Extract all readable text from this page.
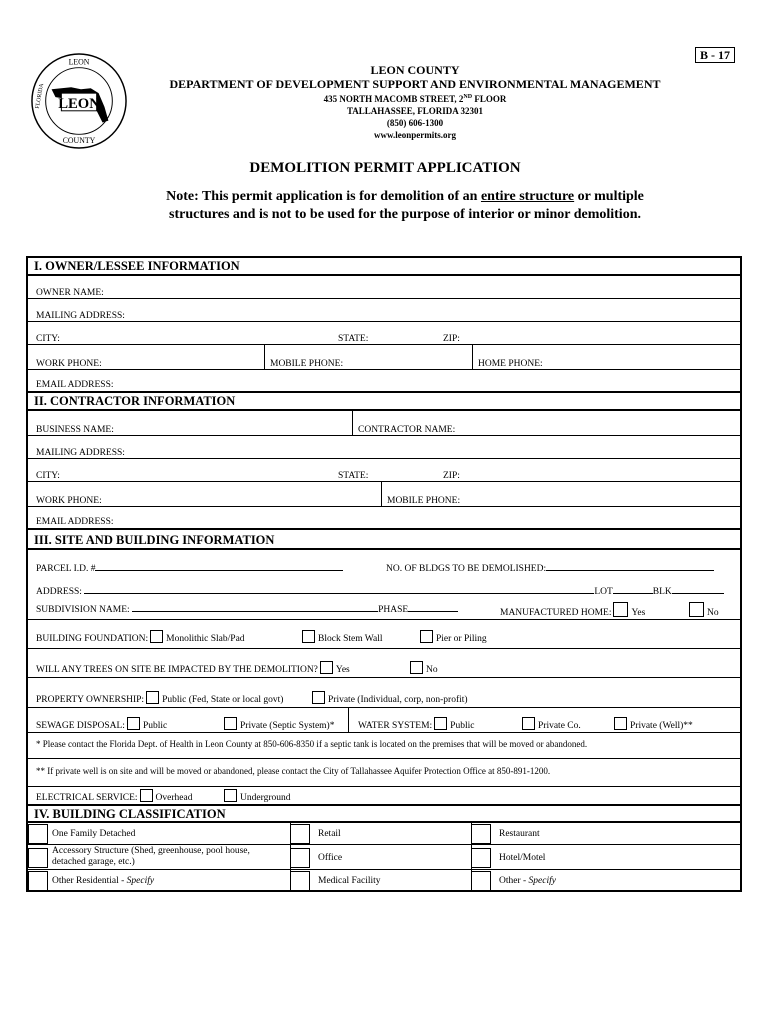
B - 17
LEON
LEON
COUNTY
FLORIDA
LEON COUNTY
DEPARTMENT OF DEVELOPMENT SUPPORT AND ENVIRONMENTAL MANAGEMENT
435 NORTH MACOMB STREET, 2ND FLOOR
TALLAHASSEE, FLORIDA 32301
(850) 606-1300
www.leonpermits.org
DEMOLITION PERMIT APPLICATION
Note: This permit application is for demolition of an entire structure or multiple structures and is not to be used for the purpose of interior or minor demolition.
I. OWNER/LESSEE INFORMATION
OWNER NAME:
MAILING ADDRESS:
CITY:	STATE:	ZIP:
WORK PHONE:	MOBILE PHONE:	HOME PHONE:
EMAIL ADDRESS:
II. CONTRACTOR INFORMATION
BUSINESS NAME:	CONTRACTOR NAME:
MAILING ADDRESS:
CITY:	STATE:	ZIP:
WORK PHONE:	MOBILE PHONE:
EMAIL ADDRESS:
III. SITE AND BUILDING INFORMATION
PARCEL I.D. #	NO. OF BLDGS TO BE DEMOLISHED:
ADDRESS:	LOT	BLK
SUBDIVISION NAME:	PHASE	MANUFACTURED HOME: Yes	No
BUILDING FOUNDATION: Monolithic Slab/Pad	Block Stem Wall	Pier or Piling
WILL ANY TREES ON SITE BE IMPACTED BY THE DEMOLITION? Yes	No
PROPERTY OWNERSHIP: Public (Fed, State or local govt)	Private (Individual, corp, non-profit)
SEWAGE DISPOSAL: Public	Private (Septic System)* WATER SYSTEM: Public	Private Co.	Private (Well)**
* Please contact the Florida Dept. of Health in Leon County at 850-606-8350 if a septic tank is located on the premises that will be moved or abandoned.
** If private well is on site and will be moved or abandoned, please contact the City of Tallahassee Aquifer Protection Office at 850-891-1200.
ELECTRICAL SERVICE: Overhead	Underground
IV. BUILDING CLASSIFICATION
One Family Detached	Retail	Restaurant
Accessory Structure (Shed, greenhouse, pool house, detached garage, etc.)	Office	Hotel/Motel
Other Residential - Specify	Medical Facility	Other - Specify
